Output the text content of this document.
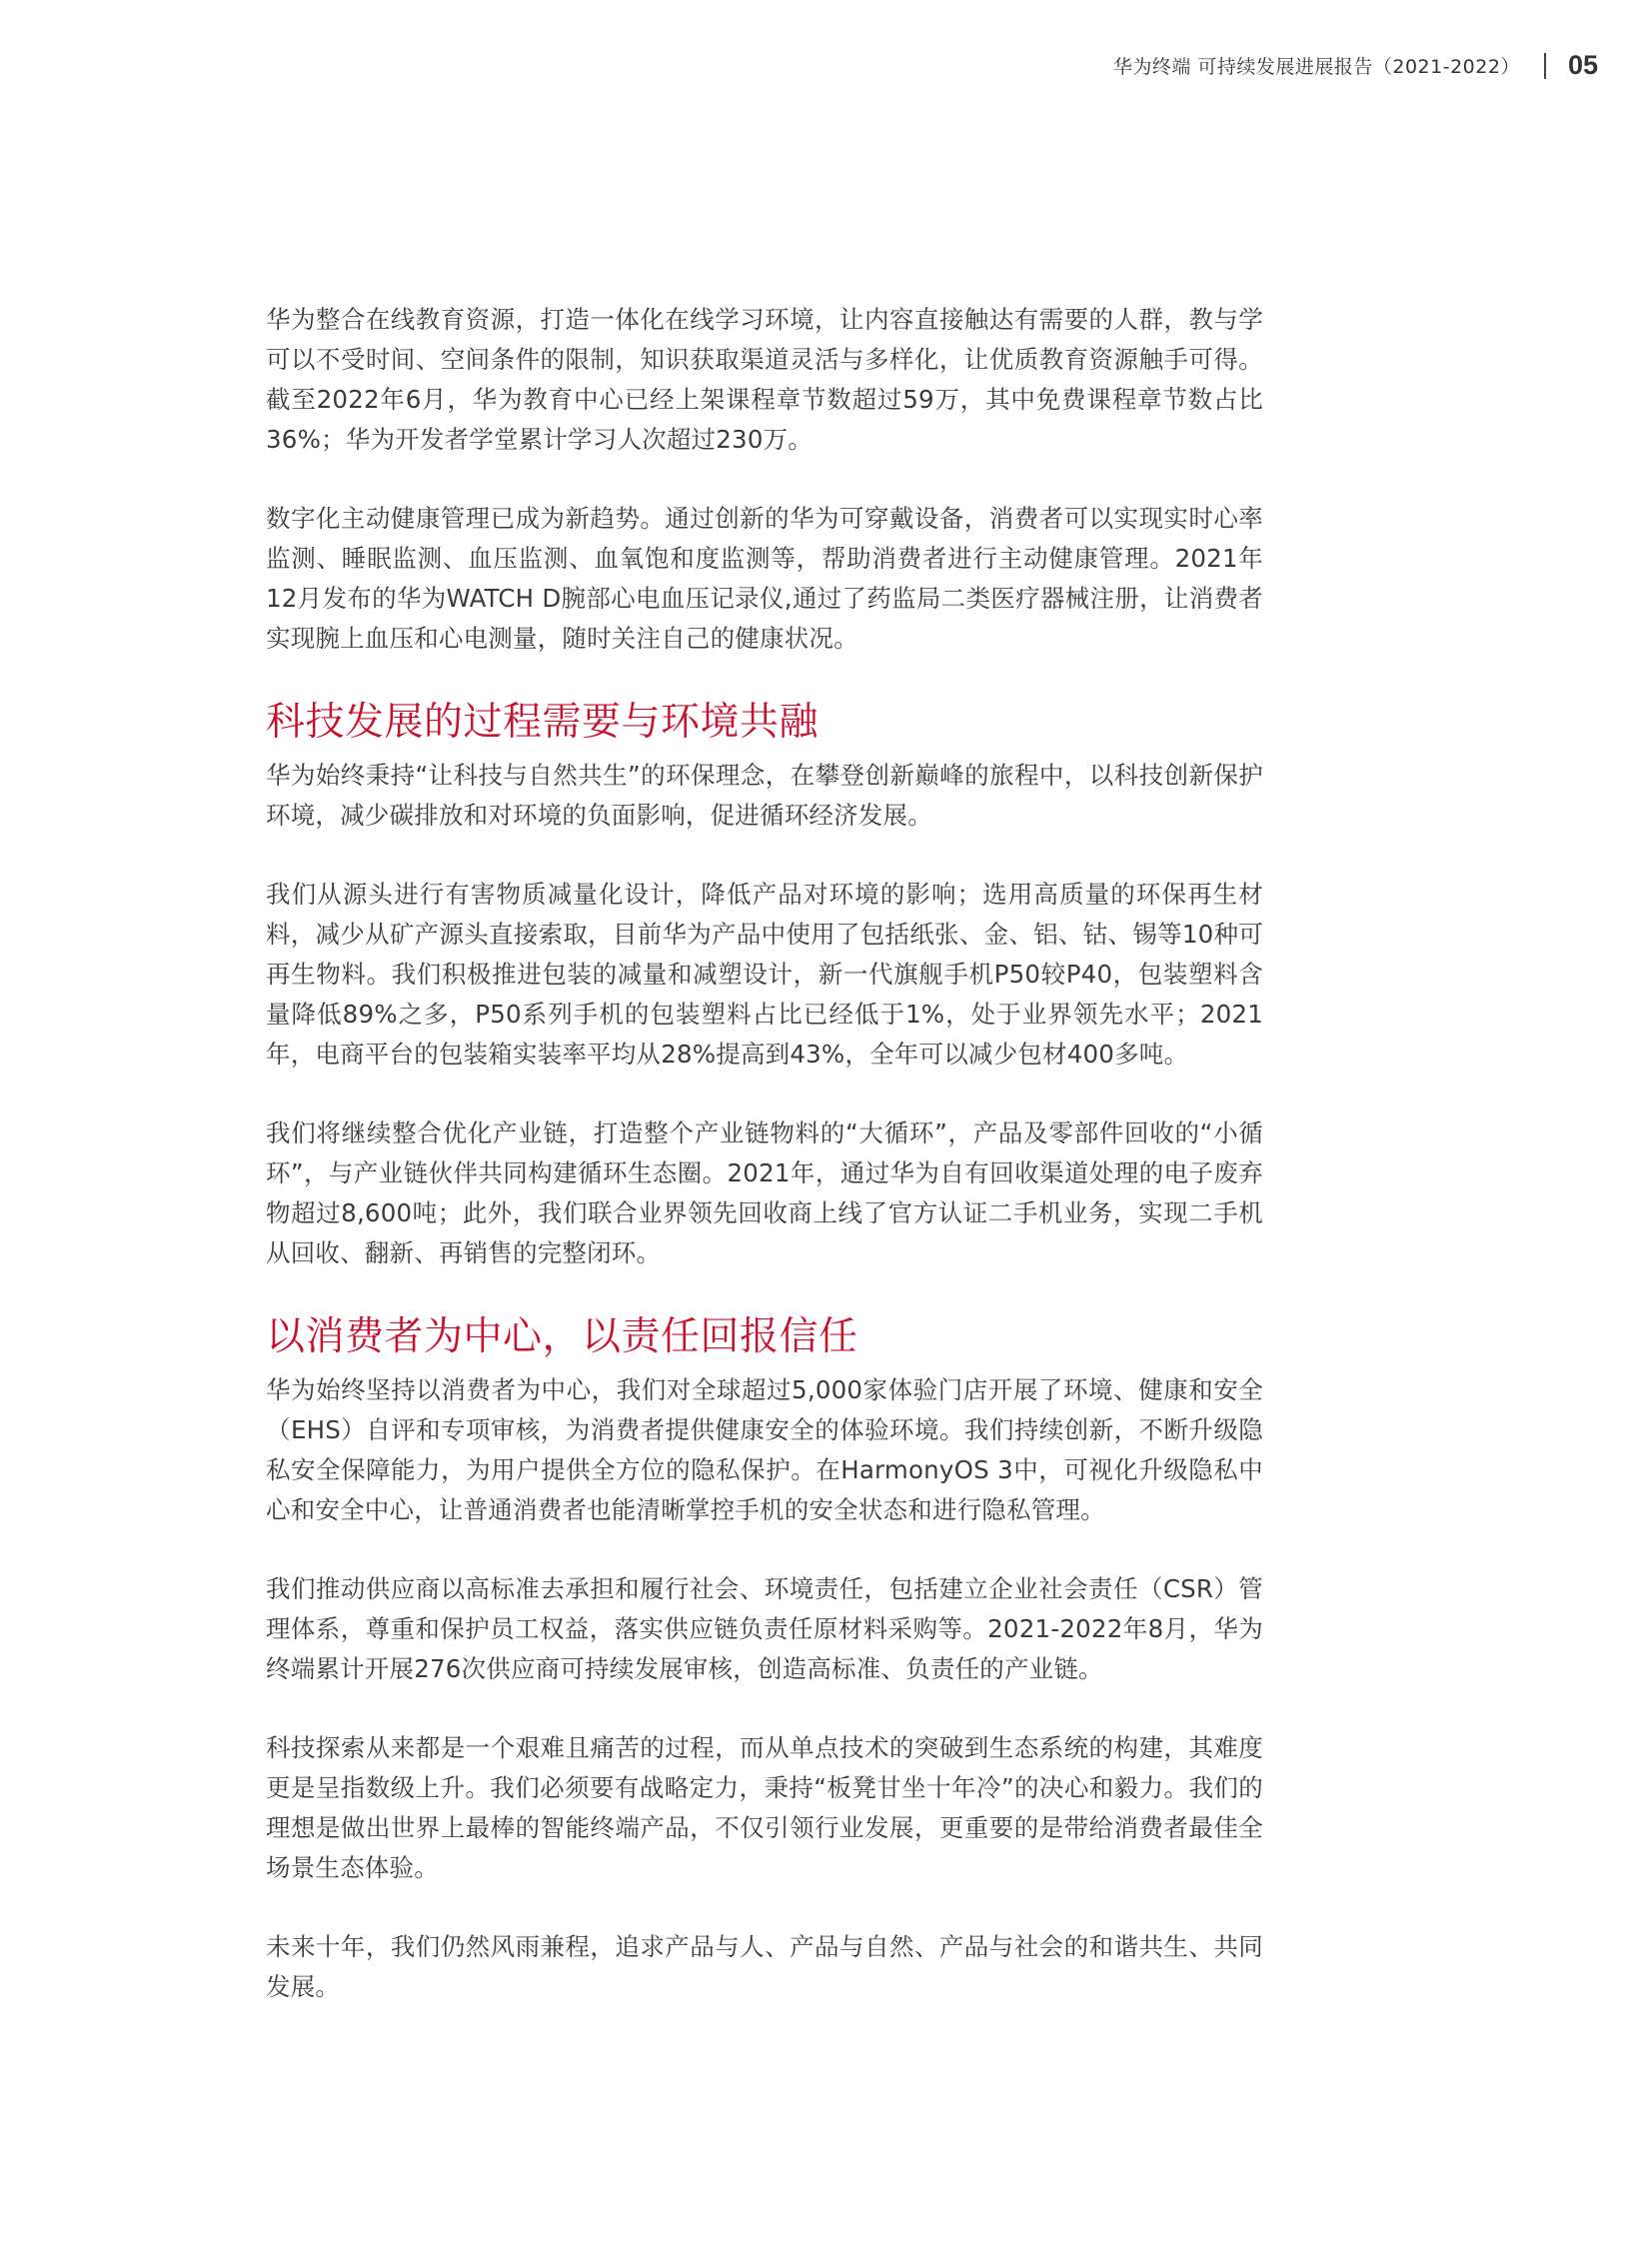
华为终端 可持续发展进展报告（2021-2022） 05

华为整合在线教育资源，打造一体化在线学习环境，让内容直接触达有需要的人群，教与学可以不受时间、空间条件的限制，知识获取渠道灵活与多样化，让优质教育资源触手可得。截至2022年6月，华为教育中心已经上架课程章节数超过59万，其中免费课程章节数占比36%；华为开发者学堂累计学习人次超过230万。

数字化主动健康管理已成为新趋势。通过创新的华为可穿戴设备，消费者可以实现实时心率监测、睡眠监测、血压监测、血氧饱和度监测等，帮助消费者进行主动健康管理。2021年12月发布的华为WATCH D腕部心电血压记录仪,通过了药监局二类医疗器械注册，让消费者实现腕上血压和心电测量，随时关注自己的健康状况。

科技发展的过程需要与环境共融

华为始终秉持“让科技与自然共生”的环保理念，在攀登创新巅峰的旅程中，以科技创新保护环境，减少碳排放和对环境的负面影响，促进循环经济发展。

我们从源头进行有害物质减量化设计，降低产品对环境的影响；选用高质量的环保再生材料，减少从矿产源头直接索取，目前华为产品中使用了包括纸张、金、铝、钴、锡等10种可再生物料。我们积极推进包装的减量和减塑设计，新一代旗舰手机P50较P40，包装塑料含量降低89%之多，P50系列手机的包装塑料占比已经低于1%，处于业界领先水平；2021年，电商平台的包装箱实装率平均从28%提高到43%，全年可以减少包材400多吨。

我们将继续整合优化产业链，打造整个产业链物料的“大循环”，产品及零部件回收的“小循环”，与产业链伙伴共同构建循环生态圈。2021年，通过华为自有回收渠道处理的电子废弃物超过8,600吨；此外，我们联合业界领先回收商上线了官方认证二手机业务，实现二手机从回收、翻新、再销售的完整闭环。

以消费者为中心，以责任回报信任

华为始终坚持以消费者为中心，我们对全球超过5,000家体验门店开展了环境、健康和安全（EHS）自评和专项审核，为消费者提供健康安全的体验环境。我们持续创新，不断升级隐私安全保障能力，为用户提供全方位的隐私保护。在HarmonyOS 3中，可视化升级隐私中心和安全中心，让普通消费者也能清晰掌控手机的安全状态和进行隐私管理。

我们推动供应商以高标准去承担和履行社会、环境责任，包括建立企业社会责任（CSR）管理体系，尊重和保护员工权益，落实供应链负责任原材料采购等。2021-2022年8月，华为终端累计开展276次供应商可持续发展审核，创造高标准、负责任的产业链。

科技探索从来都是一个艰难且痛苦的过程，而从单点技术的突破到生态系统的构建，其难度更是呈指数级上升。我们必须要有战略定力，秉持“板凳甘坐十年冷”的决心和毅力。我们的理想是做出世界上最棒的智能终端产品，不仅引领行业发展，更重要的是带给消费者最佳全场景生态体验。

未来十年，我们仍然风雨兼程，追求产品与人、产品与自然、产品与社会的和谐共生、共同发展。
